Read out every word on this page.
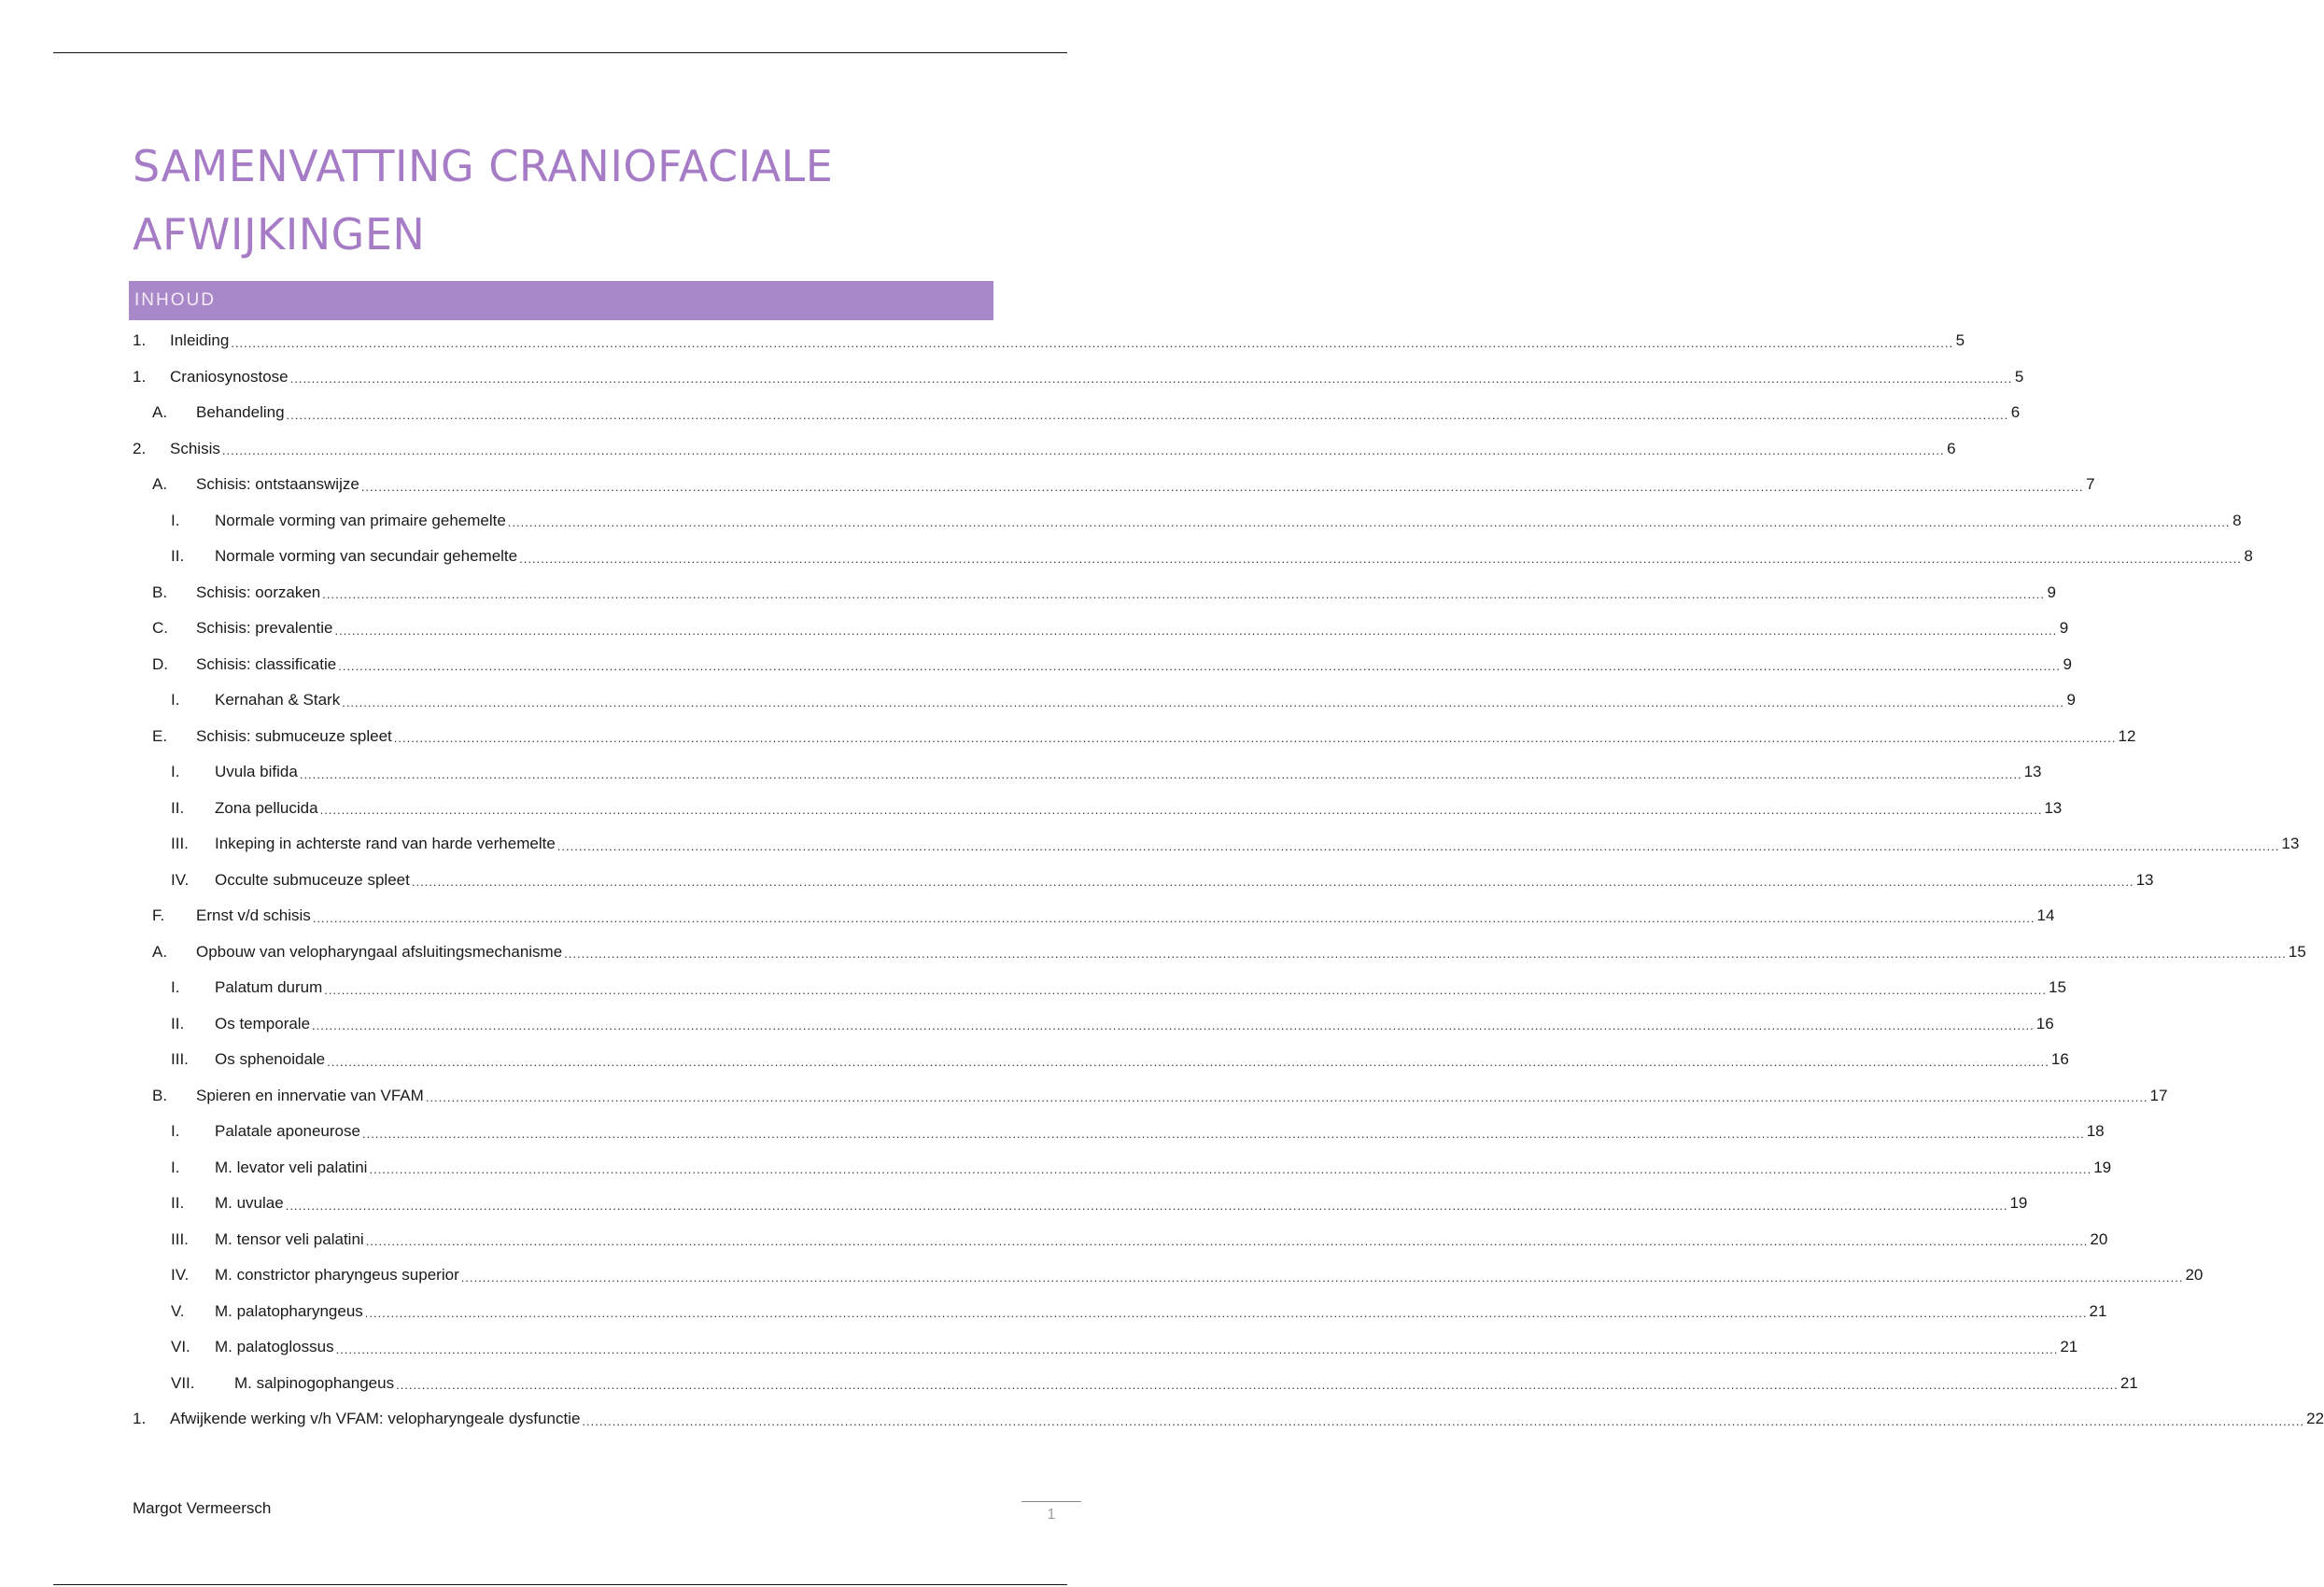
SAMENVATTING CRANIOFACIALE
AFWIJKINGEN
INHOUD
1.	Inleiding ................................................................................................................................................................................................................................................................................................................................................................................................................ 5
1.	Craniosynostose ................................................................................................................................................................................................................................................................................................................................................................................................................ 5
A.	Behandeling ................................................................................................................................................................................................................................................................................................................................................................................................................ 6
2.	Schisis ................................................................................................................................................................................................................................................................................................................................................................................................................ 6
A.	Schisis: ontstaanswijze ................................................................................................................................................................................................................................................................................................................................................................................................................ 7
I.	Normale vorming van primaire gehemelte ................................................................................................................................................................................................................................................................................................................................................................................................................ 8
II.	Normale vorming van secundair gehemelte ................................................................................................................................................................................................................................................................................................................................................................................................................ 8
B.	Schisis: oorzaken ................................................................................................................................................................................................................................................................................................................................................................................................................ 9
C.	Schisis: prevalentie ................................................................................................................................................................................................................................................................................................................................................................................................................ 9
D.	Schisis: classificatie ................................................................................................................................................................................................................................................................................................................................................................................................................ 9
I.	Kernahan & Stark ................................................................................................................................................................................................................................................................................................................................................................................................................ 9
E.	Schisis: submuceuze spleet ................................................................................................................................................................................................................................................................................................................................................................................................................ 12
I.	Uvula bifida ................................................................................................................................................................................................................................................................................................................................................................................................................ 13
II.	Zona pellucida ................................................................................................................................................................................................................................................................................................................................................................................................................ 13
III.	Inkeping in achterste rand van harde verhemelte ................................................................................................................................................................................................................................................................................................................................................................................................................ 13
IV.	Occulte submuceuze spleet ................................................................................................................................................................................................................................................................................................................................................................................................................ 13
F.	Ernst v/d schisis ................................................................................................................................................................................................................................................................................................................................................................................................................ 14
A.	Opbouw van velopharyngaal afsluitingsmechanisme ................................................................................................................................................................................................................................................................................................................................................................................................................ 15
I.	Palatum durum ................................................................................................................................................................................................................................................................................................................................................................................................................ 15
II.	Os temporale ................................................................................................................................................................................................................................................................................................................................................................................................................ 16
III.	Os sphenoidale ................................................................................................................................................................................................................................................................................................................................................................................................................ 16
B.	Spieren en innervatie van VFAM ................................................................................................................................................................................................................................................................................................................................................................................................................ 17
I.	Palatale aponeurose ................................................................................................................................................................................................................................................................................................................................................................................................................ 18
I.	M. levator veli palatini ................................................................................................................................................................................................................................................................................................................................................................................................................ 19
II.	M. uvulae ................................................................................................................................................................................................................................................................................................................................................................................................................ 19
III.	M. tensor veli palatini ................................................................................................................................................................................................................................................................................................................................................................................................................ 20
IV.	M. constrictor pharyngeus superior ................................................................................................................................................................................................................................................................................................................................................................................................................ 20
V.	M. palatopharyngeus ................................................................................................................................................................................................................................................................................................................................................................................................................ 21
VI.	M. palatoglossus ................................................................................................................................................................................................................................................................................................................................................................................................................ 21
VII.	M. salpinogophangeus ................................................................................................................................................................................................................................................................................................................................................................................................................ 21
1.	Afwijkende werking v/h VFAM: velopharyngeale dysfunctie ................................................................................................................................................................................................................................................................................................................................................................................................................ 22
Margot Vermeersch	1
